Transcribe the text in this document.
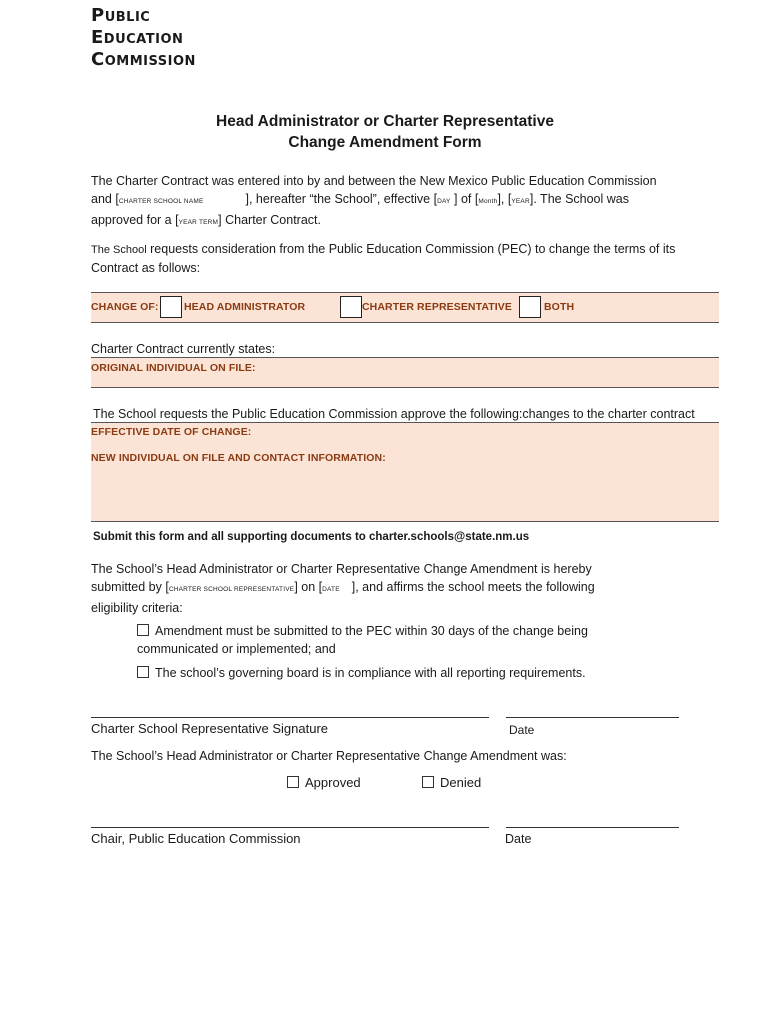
Public
Education
Commission
Head Administrator or Charter Representative
Change Amendment Form
The Charter Contract was entered into by and between the New Mexico Public Education Commission
and [CHARTER SCHOOL NAME	], hereafter “the School”, effective [DAY ] of [Month], [YEAR]. The School was
approved for a [YEAR TERM] Charter Contract.
The School requests consideration from the Public Education Commission (PEC) to change the terms of its
Contract as follows:
CHANGE OF: HEAD ADMINISTRATOR	CHARTER REPRESENTATIVE	BOTH
Charter Contract currently states:
ORIGINAL INDIVIDUAL ON FILE:
The School requests the Public Education Commission approve the following:changes to the charter contract
EFFECTIVE DATE OF CHANGE:
NEW INDIVIDUAL ON FILE AND CONTACT INFORMATION:
Submit this form and all supporting documents to charter.schools@state.nm.us
The School’s Head Administrator or Charter Representative Change Amendment is hereby
submitted by [CHARTER SCHOOL REPRESENTATIVE] on [DATE ], and affirms the school meets the following
eligibility criteria:
Amendment must be submitted to the PEC within 30 days of the change being
communicated or implemented; and
The school’s governing board is in compliance with all reporting requirements.
Charter School Representative Signature	Date
The School’s Head Administrator or Charter Representative Change Amendment was:
Approved	Denied
Chair, Public Education Commission	Date
